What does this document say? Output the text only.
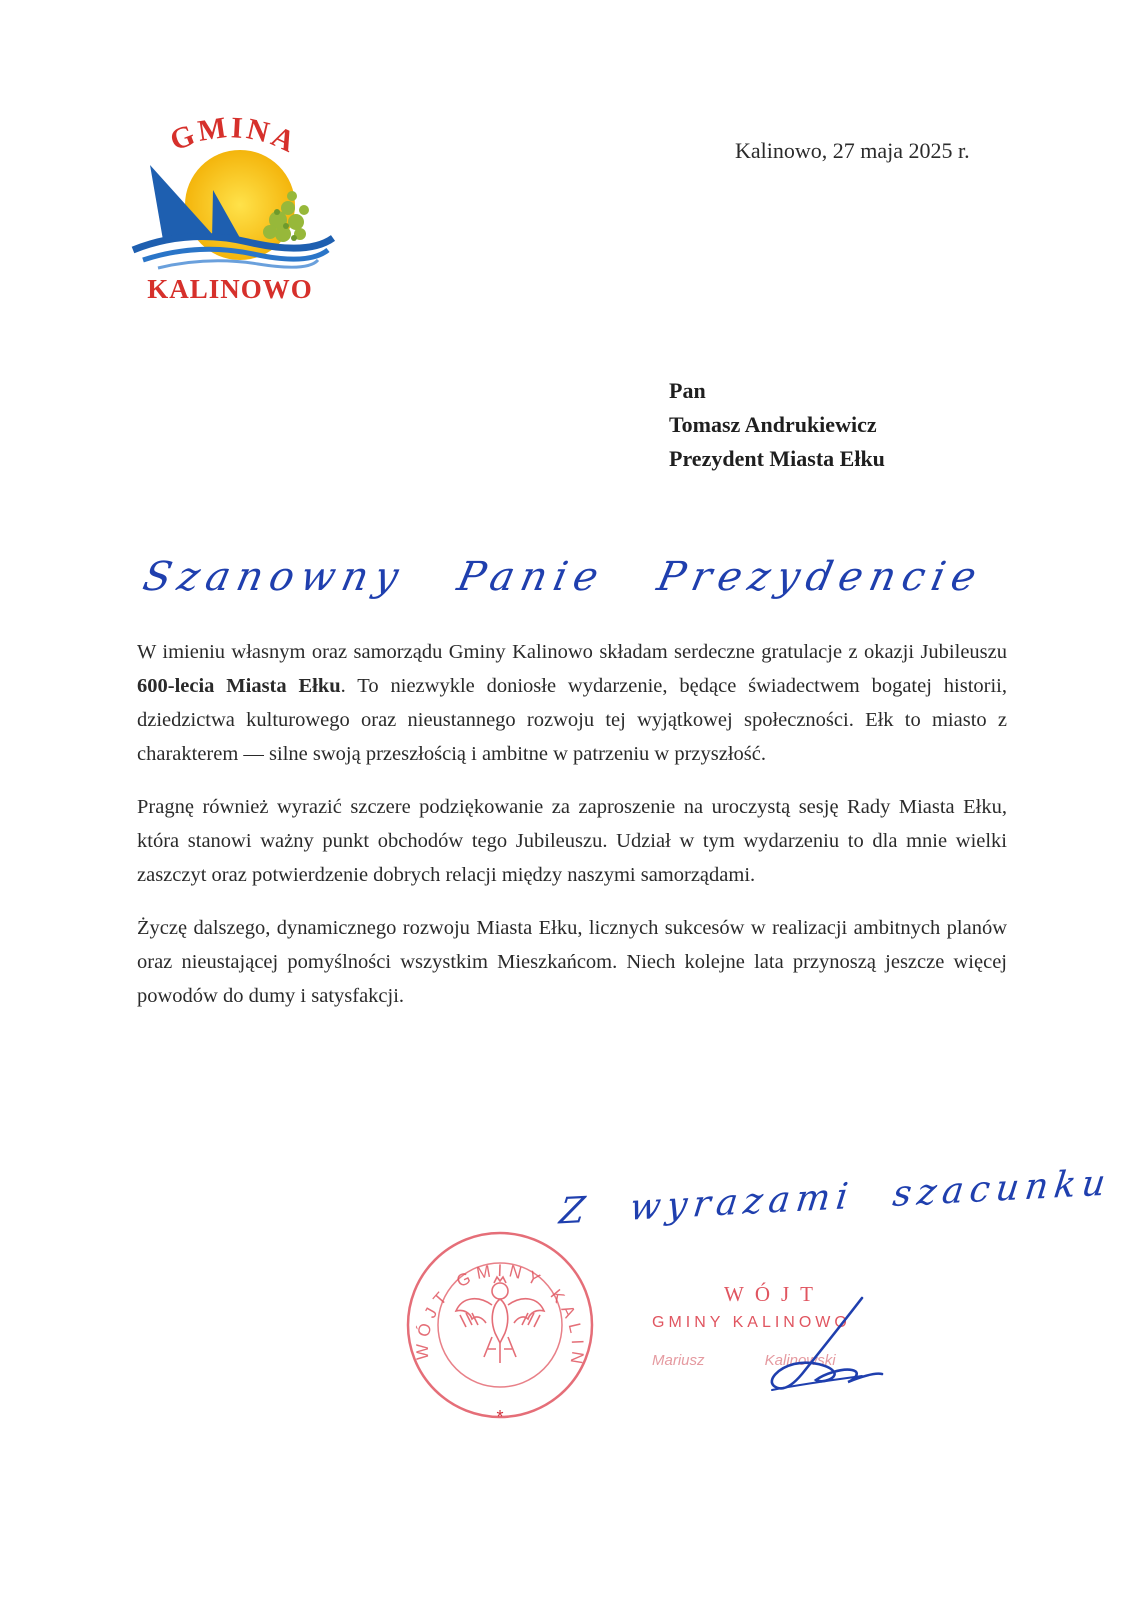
GMINA
KALINOWO
Kalinowo, 27 maja 2025 r.
Pan
Tomasz Andrukiewicz
Prezydent Miasta Ełku
Szanowny Panie Prezydencie

W imieniu własnym oraz samorządu Gminy Kalinowo składam serdeczne gratulacje z okazji Jubileuszu 600-lecia Miasta Ełku. To niezwykle doniosłe wydarzenie, będące świadectwem bogatej historii, dziedzictwa kulturowego oraz nieustannego rozwoju tej wyjątkowej społeczności. Ełk to miasto z charakterem — silne swoją przeszłością i ambitne w patrzeniu w przyszłość.

Pragnę również wyrazić szczere podziękowanie za zaproszenie na uroczystą sesję Rady Miasta Ełku, która stanowi ważny punkt obchodów tego Jubileuszu. Udział w tym wydarzeniu to dla mnie wielki zaszczyt oraz potwierdzenie dobrych relacji między naszymi samorządami.

Życzę dalszego, dynamicznego rozwoju Miasta Ełku, licznych sukcesów w realizacji ambitnych planów oraz nieustającej pomyślności wszystkim Mieszkańcom. Niech kolejne lata przynoszą jeszcze więcej powodów do dumy i satysfakcji.

Z wyrazami szacunku
WÓJT GMINY KALIN
*
WÓJT
GMINY KALINOWO
Mariusz Kalinowski
